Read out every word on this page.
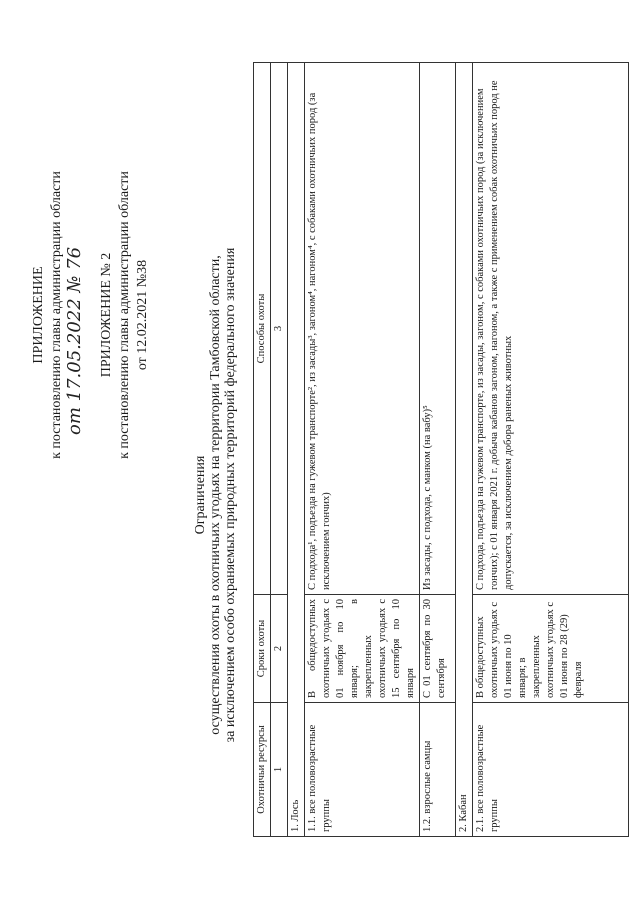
ПРИЛОЖЕНИЕ к постановлению главы администрации области от 17.05.2022 № 76 ПРИЛОЖЕНИЕ № 2 к постановлению главы администрации области от 12.02.2021 №38
Ограничения осуществления охоты в охотничьих угодьях на территории Тамбовской области, за исключением особо охраняемых природных территорий федерального значения
Охотничьи ресурсы	Сроки охоты	Способы охоты
1	2	3
1. Лось		
1.1. все половозрастные группы	В общедоступных охотничьих угодьях с 01 ноября по 10 января; в закрепленных охотничьих угодьях с 15 сентября по 10 января	С подхода¹, подъезда на гужевом транспорте², из засады³, загоном⁴, нагоном⁴, с собаками охотничьих пород (за исключением гончих)
1.2. взрослые самцы	С 01 сентября по 30 сентября	Из засады, с подхода, с манком (на вабу)⁵
2. Кабан		
2.1. все половозрастные группы	В общедоступных охотничьих угодьях с 01 июня по 10 января; в закрепленных охотничьих угодьях с 01 июня по 28 (29) февраля	С подхода, подъезда на гужевом транспорте, из засады, загоном, с собаками охотничьих пород (за исключением гончих); с 01 января 2021 г. добыча кабанов загоном, нагоном, а также с применением собак охотничьих пород не допускается, за исключением добора раненых животных
